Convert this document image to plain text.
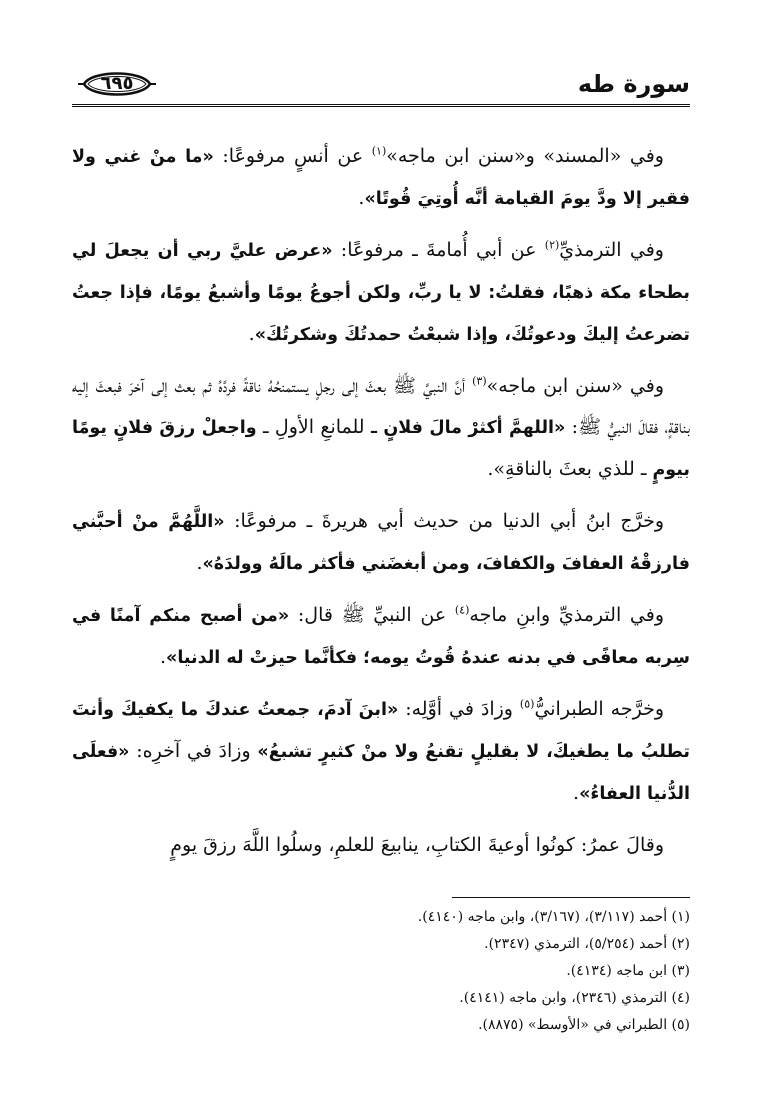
سورة طه
٦٩٥

وفي «المسند» و«سنن ابن ماجه»$^{(١)}$ عن أنسٍ مرفوعًا: «ما منْ غني ولا فقير إلا ودَّ يومَ القيامة أنَّه أُوتِيَ قُوتًا».

وفي الترمذيِّ$^{(٢)}$ عن أبي أُمامةَ ـ مرفوعًا: «عرض عليَّ ربي أن يجعلَ لي بطحاء مكة ذهبًا، فقلتُ: لا يا ربِّ، ولكن أجوعُ يومًا وأشبعُ يومًا، فإذا جعتُ تضرعتُ إليكَ ودعوتُكَ، وإذا شبعْتُ حمدتُكَ وشكرتُكَ».

وفي «سنن ابن ماجه»$^{(٣)}$ أنَّ النبيَّ ﷺ بعثَ إلى رجلٍ يستمنحُهُ ناقةً فردَّهُ ثم بعث إلى آخرَ فبعثَ إليه بناقةٍ، فقالَ النبيُّ ﷺ: «اللهمَّ أكثرْ مالَ فلانٍ ـ للمانعِ الأولِ ـ واجعلْ رزقَ فلانٍ يومًا بيومٍ ـ للذي بعثَ بالناقةِ».

وخرَّج ابنُ أبي الدنيا من حديث أبي هريرةَ ـ مرفوعًا: «اللَّهُمَّ منْ أحبَّني فارزقْهُ العفافَ والكفافَ، ومن أبغضَني فأكثر مالَهُ وولدَهُ».

وفي الترمذيِّ وابنِ ماجه$^{(٤)}$ عن النبيِّ ﷺ قال: «من أصبح منكم آمنًا في سِربه معافًى في بدنه عندهُ قُوتُ يومه؛ فكأنَّما حيزتْ له الدنيا».

وخرَّجه الطبرانيُّ$^{(٥)}$ وزادَ في أوَّلِه: «ابنَ آدمَ، جمعتُ عندكَ ما يكفيكَ وأنتَ تطلبُ ما يطغيكَ، لا بقليلٍ تقنعُ ولا منْ كثيرٍ تشبعُ» وزادَ في آخرِه: «فعلَى الدُّنيا العفاءُ».

وقالَ عمرُ: كونُوا أوعيةَ الكتابِ، ينابيعَ للعلمِ، وسلُوا اللَّهَ رزقَ يومٍ

(١) أحمد (٣/١١٧)، (٣/١٦٧)، وابن ماجه (٤١٤٠).
(٢) أحمد (٥/٢٥٤)، الترمذي (٢٣٤٧).
(٣) ابن ماجه (٤١٣٤).
(٤) الترمذي (٢٣٤٦)، وابن ماجه (٤١٤١).
(٥) الطبراني في «الأوسط» (٨٨٧٥).
